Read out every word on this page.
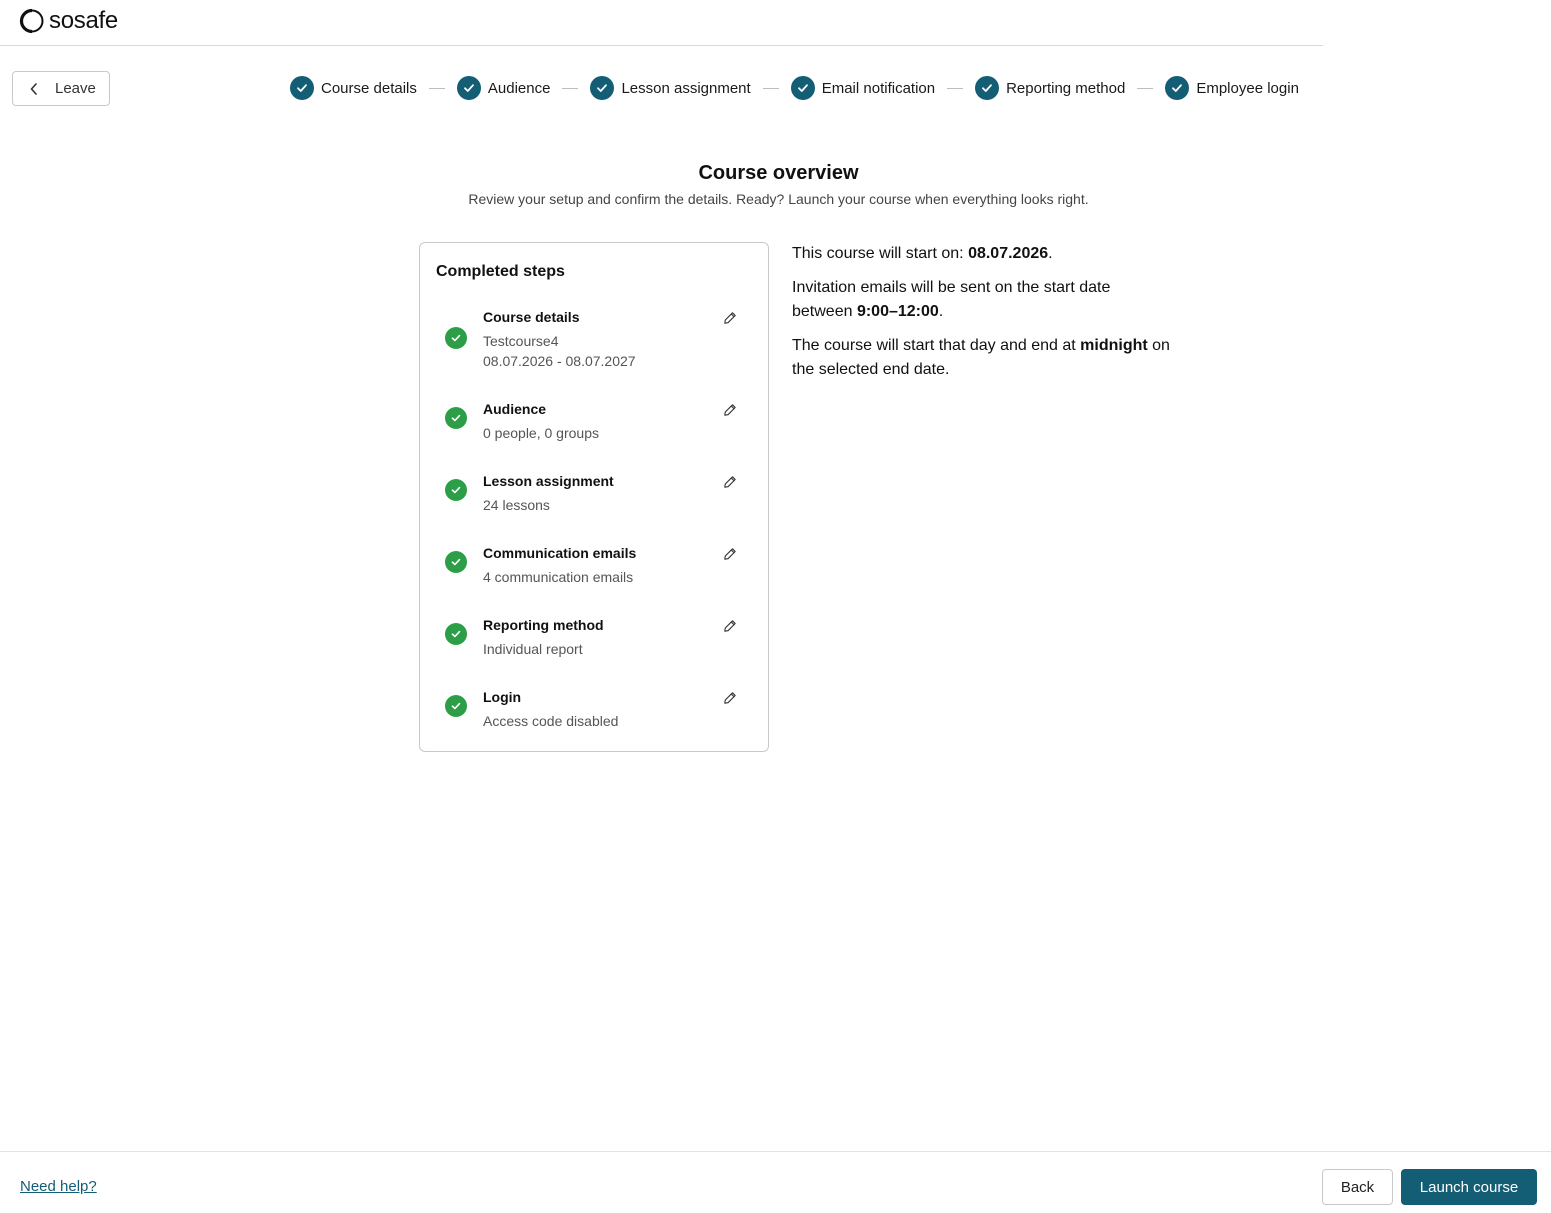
sosafe
Leave	Course details	Audience	Lesson assignment	Email notification	Reporting method	Employee login
Course overview
Review your setup and confirm the details. Ready? Launch your course when everything looks right.
Completed steps
Course details
Testcourse4
08.07.2026 - 08.07.2027
Audience
0 people, 0 groups
Lesson assignment
24 lessons
Communication emails
4 communication emails
Reporting method
Individual report
Login
Access code disabled
This course will start on: 08.07.2026.
Invitation emails will be sent on the start date between 9:00–12:00.
The course will start that day and end at midnight on the selected end date.
Need help?	Back	Launch course
